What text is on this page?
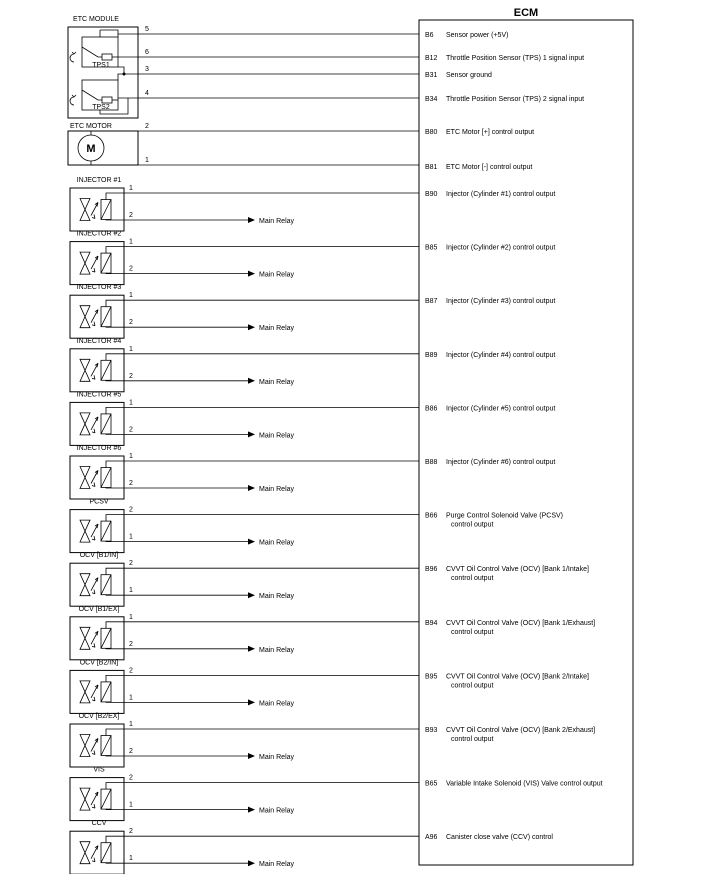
ECM
ETC MODULE
TPS1
TPS2
5
B6 Sensor power (+5V)
6
B12 Throttle Position Sensor (TPS) 1 signal input
3
B31 Sensor ground
4
B34 Throttle Position Sensor (TPS) 2 signal input
ETC MOTOR
M
2
B80 ETC Motor [+] control output
1
B81 ETC Motor [-] control output
INJECTOR #1
1
2
Main Relay
B90 Injector (Cylinder #1) control output
INJECTOR #2
1
2
Main Relay
B85 Injector (Cylinder #2) control output
INJECTOR #3
1
2
Main Relay
B87 Injector (Cylinder #3) control output
INJECTOR #4
1
2
Main Relay
B89 Injector (Cylinder #4) control output
INJECTOR #5
1
2
Main Relay
B86 Injector (Cylinder #5) control output
INJECTOR #6
1
2
Main Relay
B88 Injector (Cylinder #6) control output
PCSV
2
1
Main Relay
B66 Purge Control Solenoid Valve (PCSV)
control output
OCV [B1/IN]
2
1
Main Relay
B96 CVVT Oil Control Valve (OCV) [Bank 1/Intake]
control output
OCV [B1/EX]
1
2
Main Relay
B94 CVVT Oil Control Valve (OCV) [Bank 1/Exhaust]
control output
OCV [B2/IN]
2
1
Main Relay
B95 CVVT Oil Control Valve (OCV) [Bank 2/Intake]
control output
OCV [B2/EX]
1
2
Main Relay
B93 CVVT Oil Control Valve (OCV) [Bank 2/Exhaust]
control output
VIS
2
1
Main Relay
B65 Variable Intake Solenoid (VIS) Valve control output
CCV
2
1
Main Relay
A96 Canister close valve (CCV) control
